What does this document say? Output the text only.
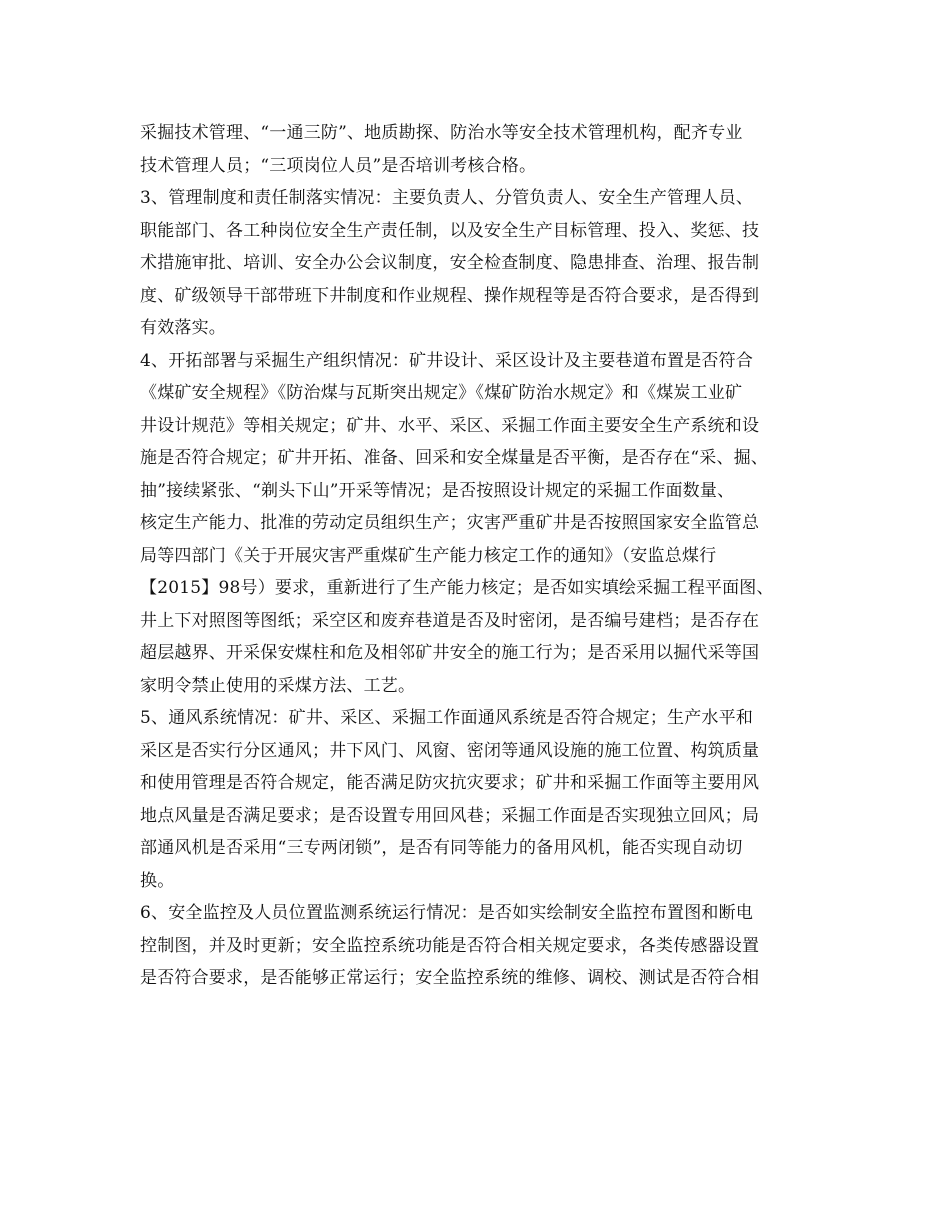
采掘技术管理、“一通三防”、地质勘探、防治水等安全技术管理机构，配齐专业
技术管理人员；“三项岗位人员”是否培训考核合格。
3、管理制度和责任制落实情况：主要负责人、分管负责人、安全生产管理人员、
职能部门、各工种岗位安全生产责任制，以及安全生产目标管理、投入、奖惩、技
术措施审批、培训、安全办公会议制度，安全检查制度、隐患排查、治理、报告制
度、矿级领导干部带班下井制度和作业规程、操作规程等是否符合要求，是否得到
有效落实。
4、开拓部署与采掘生产组织情况：矿井设计、采区设计及主要巷道布置是否符合
《煤矿安全规程》《防治煤与瓦斯突出规定》《煤矿防治水规定》和《煤炭工业矿
井设计规范》等相关规定；矿井、水平、采区、采掘工作面主要安全生产系统和设
施是否符合规定；矿井开拓、准备、回采和安全煤量是否平衡，是否存在“采、掘、
抽”接续紧张、“剃头下山”开采等情况；是否按照设计规定的采掘工作面数量、
核定生产能力、批准的劳动定员组织生产；灾害严重矿井是否按照国家安全监管总
局等四部门《关于开展灾害严重煤矿生产能力核定工作的通知》（安监总煤行
【2015】98号）要求，重新进行了生产能力核定；是否如实填绘采掘工程平面图、
井上下对照图等图纸；采空区和废弃巷道是否及时密闭，是否编号建档；是否存在
超层越界、开采保安煤柱和危及相邻矿井安全的施工行为；是否采用以掘代采等国
家明令禁止使用的采煤方法、工艺。
5、通风系统情况：矿井、采区、采掘工作面通风系统是否符合规定；生产水平和
采区是否实行分区通风；井下风门、风窗、密闭等通风设施的施工位置、构筑质量
和使用管理是否符合规定，能否满足防灾抗灾要求；矿井和采掘工作面等主要用风
地点风量是否满足要求；是否设置专用回风巷；采掘工作面是否实现独立回风；局
部通风机是否采用“三专两闭锁”，是否有同等能力的备用风机，能否实现自动切
换。
6、安全监控及人员位置监测系统运行情况：是否如实绘制安全监控布置图和断电
控制图，并及时更新；安全监控系统功能是否符合相关规定要求，各类传感器设置
是否符合要求，是否能够正常运行；安全监控系统的维修、调校、测试是否符合相
